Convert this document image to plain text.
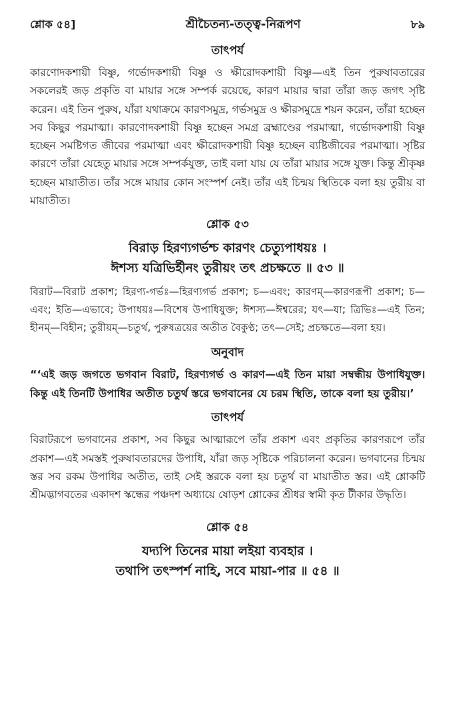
শ্লোক ৫৪]	শ্রীচৈতন্য-তত্ত্ব-নিরূপণ	৮৯
তাৎপর্য

কারণোদকশায়ী বিষ্ণু, গর্ভোদকশায়ী বিষ্ণু ও ক্ষীরোদকশায়ী বিষ্ণু—এই তিন পুরুষাবতারের সকলেরই জড় প্রকৃতি বা মায়ার সঙ্গে সম্পর্ক রয়েছে, কারণ মায়ার দ্বারা তাঁরা জড় জগৎ সৃষ্টি করেন। এই তিন পুরুষ, যাঁরা যথাক্রমে কারণসমুদ্র, গর্ভসমুদ্র ও ক্ষীরসমুদ্রে শয়ন করেন, তাঁরা হচ্ছেন সব কিছুর পরমাত্মা। কারণোদকশায়ী বিষ্ণু হচ্ছেন সমগ্র ব্রহ্মাণ্ডের পরমাত্মা, গর্ভোদকশায়ী বিষ্ণু হচ্ছেন সমষ্টিগত জীবের পরমাত্মা এবং ক্ষীরোদকশায়ী বিষ্ণু হচ্ছেন ব্যষ্টিজীবের পরমাত্মা। সৃষ্টির কারণে তাঁরা যেহেতু মায়ার সঙ্গে সম্পর্কযুক্ত, তাই বলা যায় যে তাঁরা মায়ার সঙ্গে যুক্ত। কিন্তু শ্রীকৃষ্ণ হচ্ছেন মায়াতীত। তাঁর সঙ্গে মায়ার কোন সংস্পর্শ নেই। তাঁর এই চিন্ময় স্থিতিকে বলা হয় তুরীয় বা মায়াতীত।

শ্লোক ৫৩

বিরাড় হিরণ্যগর্ভশ্চ কারণং চেত্যুপাধয়ঃ ।

ঈশস্য যত্রিভির্হীনং তুরীয়ং তৎ প্রচক্ষতে ॥ ৫৩ ॥

বিরাট—বিরাট প্রকাশ; হিরণ্য-গর্ভঃ—হিরণ্যগর্ভ প্রকাশ; চ—এবং; কারণম্—কারণরূপী প্রকাশ; চ—এবং; ইতি—এভাবে; উপাধয়ঃ—বিশেষ উপাধিযুক্ত; ঈশস্য—ঈশ্বরের; যৎ—যা; ত্রিভিঃ—এই তিন; হীনম্—বিহীন; তুরীয়ম্—চতুর্থ, পুরুষত্রয়ের অতীত বৈকুণ্ঠ; তৎ—সেই; প্রচক্ষতে—বলা হয়।

অনুবাদ

“‘এই জড় জগতে ভগবান বিরাট, হিরণ্যগর্ভ ও কারণ—এই তিন মায়া সম্বন্ধীয় উপাধিযুক্ত। কিন্তু এই তিনটি উপাধির অতীত চতুর্থ স্তরে ভগবানের যে চরম স্থিতি, তাকে বলা হয় তুরীয়।’

তাৎপর্য

বিরাটরূপে ভগবানের প্রকাশ, সব কিছুর আত্মারূপে তাঁর প্রকাশ এবং প্রকৃতির কারণরূপে তাঁর প্রকাশ—এই সমস্তই পুরুষাবতারদের উপাধি, যাঁরা জড় সৃষ্টিকে পরিচালনা করেন। ভগবানের চিন্ময় স্তর সব রকম উপাধির অতীত, তাই সেই স্তরকে বলা হয় চতুর্থ বা মায়াতীত স্তর। এই শ্লোকটি শ্রীমদ্ভাগবতের একাদশ স্কন্ধের পঞ্চদশ অধ্যায়ে ষোড়শ শ্লোকের শ্রীধর স্বামী কৃত টীকার উদ্ধৃতি।

শ্লোক ৫৪

যদ্যপি তিনের মায়া লইয়া ব্যবহার ।

তথাপি তৎস্পর্শ নাহি, সবে মায়া-পার ॥ ৫৪ ॥
